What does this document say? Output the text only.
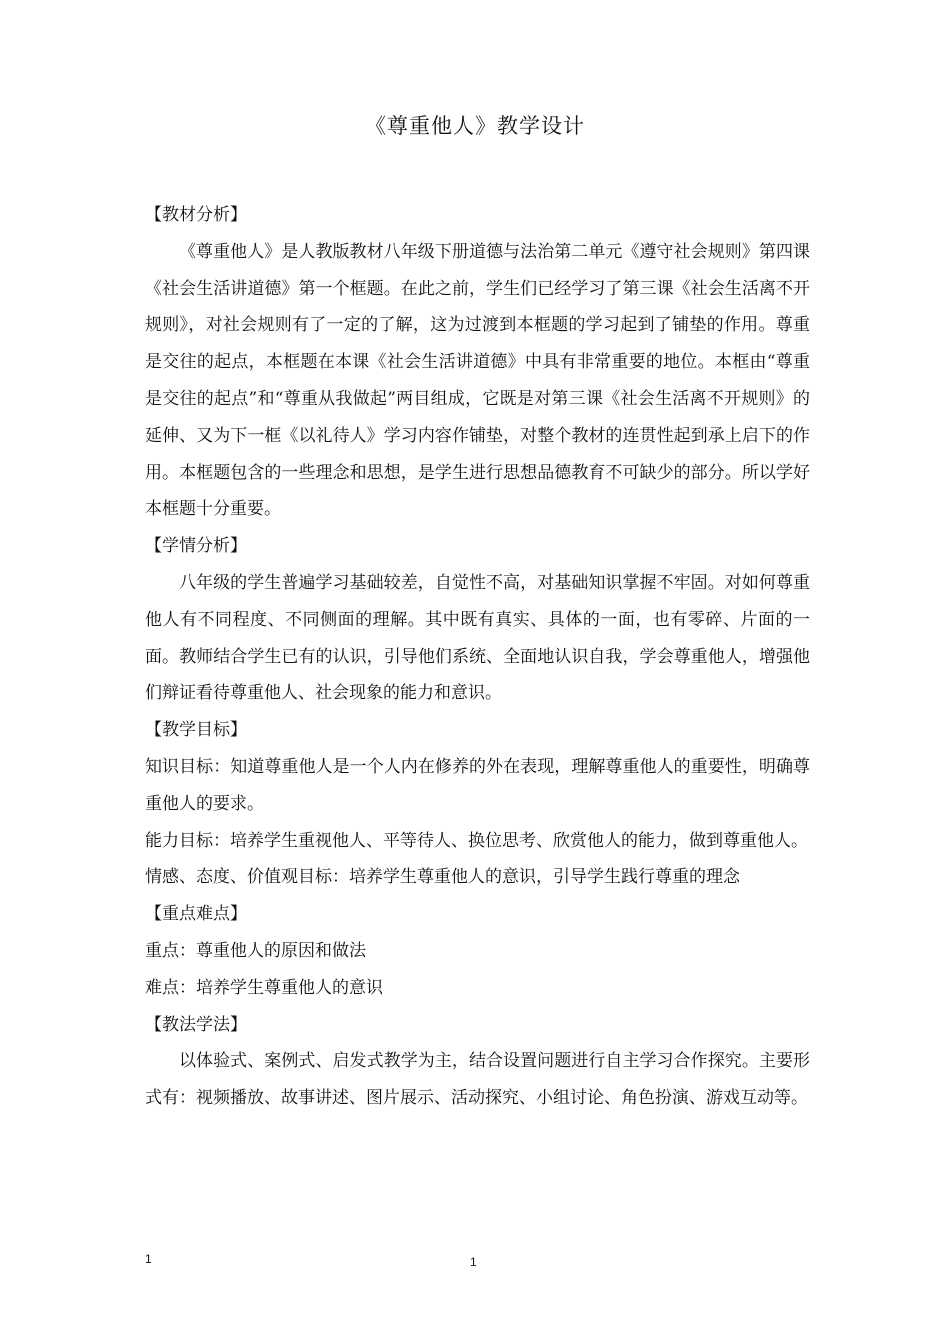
《尊重他人》教学设计
【教材分析】

《尊重他人》是人教版教材八年级下册道德与法治第二单元《遵守社会规则》第四课《社会生活讲道德》第一个框题。在此之前，学生们已经学习了第三课《社会生活离不开规则》，对社会规则有了一定的了解，这为过渡到本框题的学习起到了铺垫的作用。尊重是交往的起点，本框题在本课《社会生活讲道德》中具有非常重要的地位。本框由“尊重是交往的起点”和“尊重从我做起”两目组成，它既是对第三课《社会生活离不开规则》的延伸、又为下一框《以礼待人》学习内容作铺垫，对整个教材的连贯性起到承上启下的作用。本框题包含的一些理念和思想，是学生进行思想品德教育不可缺少的部分。所以学好本框题十分重要。

【学情分析】

八年级的学生普遍学习基础较差，自觉性不高，对基础知识掌握不牢固。对如何尊重他人有不同程度、不同侧面的理解。其中既有真实、具体的一面，也有零碎、片面的一面。教师结合学生已有的认识，引导他们系统、全面地认识自我，学会尊重他人，增强他们辩证看待尊重他人、社会现象的能力和意识。

【教学目标】

知识目标：知道尊重他人是一个人内在修养的外在表现，理解尊重他人的重要性，明确尊重他人的要求。

能力目标：培养学生重视他人、平等待人、换位思考、欣赏他人的能力，做到尊重他人。

情感、态度、价值观目标：培养学生尊重他人的意识，引导学生践行尊重的理念

【重点难点】

重点：尊重他人的原因和做法

难点：培养学生尊重他人的意识

【教法学法】

以体验式、案例式、启发式教学为主，结合设置问题进行自主学习合作探究。主要形式有：视频播放、故事讲述、图片展示、活动探究、小组讨论、角色扮演、游戏互动等。

1	1
